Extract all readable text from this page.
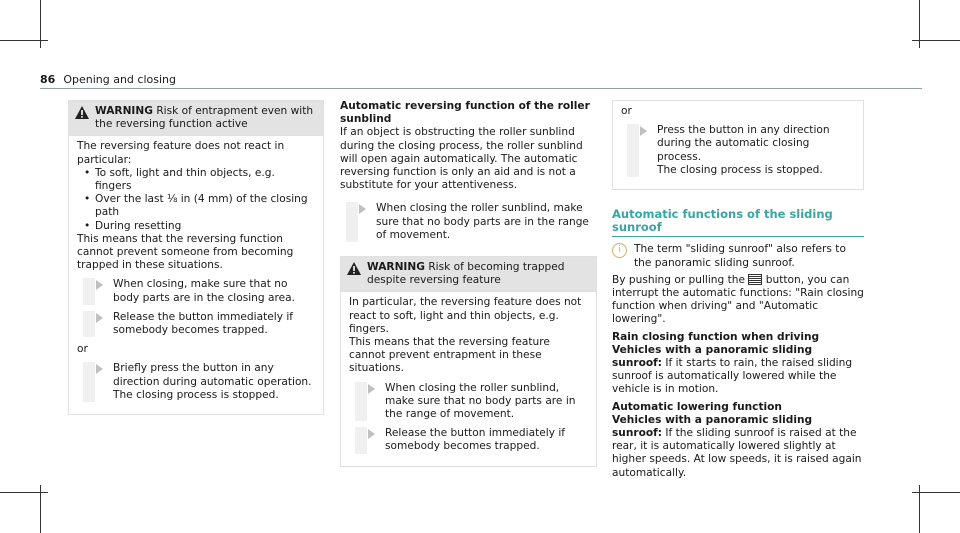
86 Opening and closing
WARNING Risk of entrapment even with the reversing function active

The reversing feature does not react in particular:

• To soft, light and thin objects, e.g. fingers
• Over the last ⅛ in (4 mm) of the closing path
• During resetting

This means that the reversing function cannot prevent someone from becoming trapped in these situations.

When closing, make sure that no body parts are in the closing area.
Release the button immediately if somebody becomes trapped.

or

Briefly press the button in any direction during automatic operation.
The closing process is stopped.

Automatic reversing function of the roller sunblind

If an object is obstructing the roller sunblind during the closing process, the roller sunblind will open again automatically. The automatic reversing function is only an aid and is not a substitute for your attentiveness.

When closing the roller sunblind, make sure that no body parts are in the range of movement.
WARNING Risk of becoming trapped despite reversing feature

In particular, the reversing feature does not react to soft, light and thin objects, e.g. fingers.

This means that the reversing feature cannot prevent entrapment in these situations.

When closing the roller sunblind, make sure that no body parts are in the range of movement.
Release the button immediately if somebody becomes trapped.

or

Press the button in any direction during the automatic closing process.
The closing process is stopped.
Automatic functions of the sliding sunroof
i	The term "sliding sunroof" also refers to the panoramic sliding sunroof.

By pushing or pulling the button, you can interrupt the automatic functions: "Rain closing function when driving" and "Automatic lowering".

Rain closing function when driving

Vehicles with a panoramic sliding sunroof: If it starts to rain, the raised sliding sunroof is automatically lowered while the vehicle is in motion.

Automatic lowering function

Vehicles with a panoramic sliding sunroof: If the sliding sunroof is raised at the rear, it is automatically lowered slightly at higher speeds. At low speeds, it is raised again automatically.
